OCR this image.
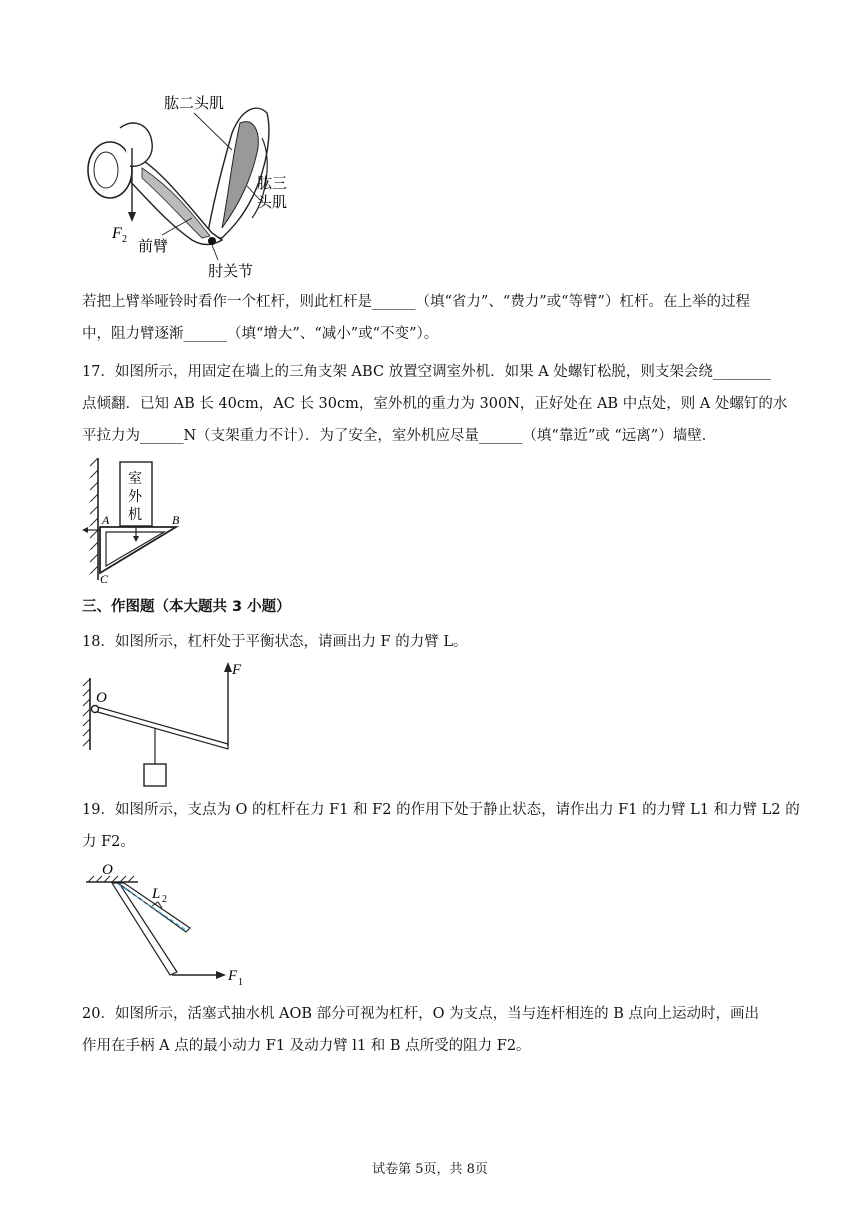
肱二头肌
肱三
头肌
F 2 前臂
肘关节
若把上臂举哑铃时看作一个杠杆，则此杠杆是______（填“省力”、“费力”或“等臂”）杠杆。在上举的过程
中，阻力臂逐渐______（填“增大”、“减小”或“不变”）。
17．如图所示，用固定在墙上的三角支架 ABC 放置空调室外机．如果 A 处螺钉松脱，则支架会绕________
点倾翻．已知 AB 长 40cm，AC 长 30cm，室外机的重力为 300N，正好处在 AB 中点处，则 A 处螺钉的水
平拉力为______N（支架重力不计）．为了安全，室外机应尽量______（填“靠近”或 “远离”）墙壁．
室
外
机
A	B
C
三、作图题（本大题共 3 小题）
18．如图所示，杠杆处于平衡状态，请画出力 F 的力臂 L。
O
F
19．如图所示，支点为 O 的杠杆在力 F1 和 F2 的作用下处于静止状态，请作出力 F1 的力臂 L1 和力臂 L2 的
力 F2。
O
L 2
F 1
20．如图所示，活塞式抽水机 AOB 部分可视为杠杆，O 为支点，当与连杆相连的 B 点向上运动时，画出
作用在手柄 A 点的最小动力 F1 及动力臂 l1 和 B 点所受的阻力 F2。
试卷第 5页，共 8页
